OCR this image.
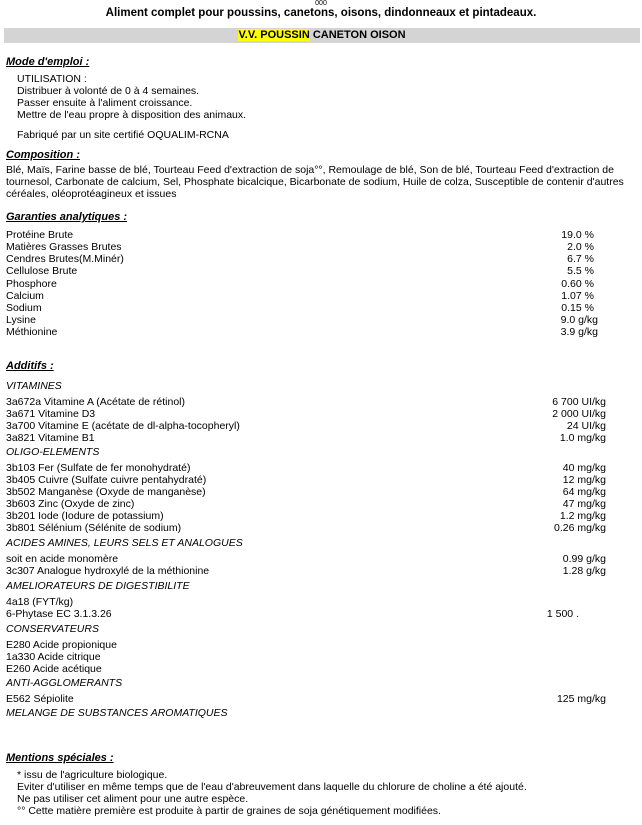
000
Aliment complet pour poussins, canetons, oisons, dindonneaux et pintadeaux.
V.V. POUSSIN CANETON OISON
Mode d'emploi :
UTILISATION :
Distribuer à volonté de 0 à 4 semaines.
Passer ensuite à l'aliment croissance.
Mettre de l'eau propre à disposition des animaux.
Fabriqué par un site certifié OQUALIM-RCNA
Composition :
Blé, Maïs, Farine basse de blé, Tourteau Feed d'extraction de soja°°, Remoulage de blé, Son de blé, Tourteau Feed d'extraction de tournesol, Carbonate de calcium, Sel, Phosphate bicalcique, Bicarbonate de sodium, Huile de colza, Susceptible de contenir d'autres céréales, oléoprotéagineux et issues
Garanties analytiques :
Protéine Brute	19.0 %
Matières Grasses Brutes	2.0 %
Cendres Brutes(M.Minér)	6.7 %
Cellulose Brute	5.5 %
Phosphore	0.60 %
Calcium	1.07 %
Sodium	0.15 %
Lysine	9.0 g/kg
Méthionine	3.9 g/kg
Additifs :
VITAMINES
3a672a Vitamine A (Acétate de rétinol)	6 700 UI/kg
3a671 Vitamine D3	2 000 UI/kg
3a700 Vitamine E (acétate de dl-alpha-tocopheryl)	24 UI/kg
3a821 Vitamine B1	1.0 mg/kg
OLIGO-ELEMENTS
3b103 Fer (Sulfate de fer monohydraté)	40 mg/kg
3b405 Cuivre (Sulfate cuivre pentahydraté)	12 mg/kg
3b502 Manganèse (Oxyde de manganèse)	64 mg/kg
3b603 Zinc (Oxyde de zinc)	47 mg/kg
3b201 Iode (Iodure de potassium)	1.2 mg/kg
3b801 Sélénium (Sélénite de sodium)	0.26 mg/kg
ACIDES AMINES, LEURS SELS ET ANALOGUES
soit en acide monomère	0.99 g/kg
3c307 Analogue hydroxylé de la méthionine	1.28 g/kg
AMELIORATEURS DE DIGESTIBILITE
4a18 (FYT/kg)
6-Phytase EC 3.1.3.26	1 500 .
CONSERVATEURS
E280 Acide propionique
1a330 Acide citrique
E260 Acide acétique
ANTI-AGGLOMERANTS
E562 Sépiolite	125 mg/kg
MELANGE DE SUBSTANCES AROMATIQUES
Mentions spéciales :
* issu de l'agriculture biologique.
Eviter d'utiliser en même temps que de l'eau d'abreuvement dans laquelle du chlorure de choline a été ajouté.
Ne pas utiliser cet aliment pour une autre espèce.
°° Cette matière première est produite à partir de graines de soja génétiquement modifiées.
